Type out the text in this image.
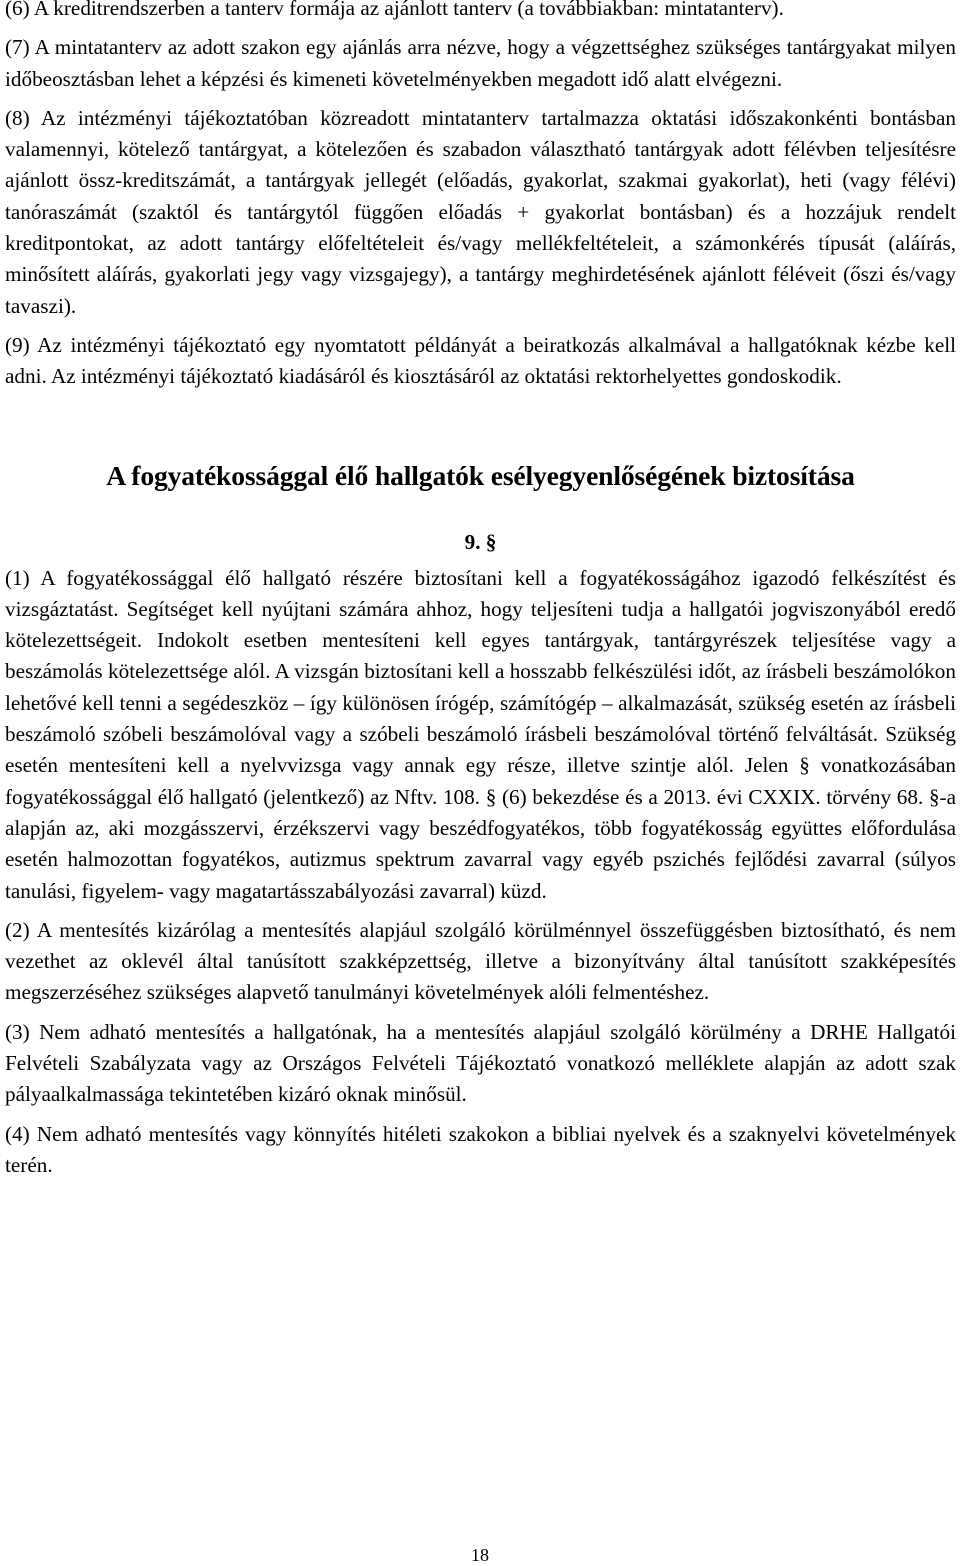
(6) A kreditrendszerben a tanterv formája az ajánlott tanterv (a továbbiakban: mintatanterv).

(7) A mintatanterv az adott szakon egy ajánlás arra nézve, hogy a végzettséghez szükséges tantárgyakat milyen időbeosztásban lehet a képzési és kimeneti követelményekben megadott idő alatt elvégezni.

(8) Az intézményi tájékoztatóban közreadott mintatanterv tartalmazza oktatási időszakonkénti bontásban valamennyi, kötelező tantárgyat, a kötelezően és szabadon választható tantárgyak adott félévben teljesítésre ajánlott össz-kreditszámát, a tantárgyak jellegét (előadás, gyakorlat, szakmai gyakorlat), heti (vagy félévi) tanóraszámát (szaktól és tantárgytól függően előadás + gyakorlat bontásban) és a hozzájuk rendelt kreditpontokat, az adott tantárgy előfeltételeit és/vagy mellékfeltételeit, a számonkérés típusát (aláírás, minősített aláírás, gyakorlati jegy vagy vizsgajegy), a tantárgy meghirdetésének ajánlott féléveit (őszi és/vagy tavaszi).

(9) Az intézményi tájékoztató egy nyomtatott példányát a beiratkozás alkalmával a hallgatóknak kézbe kell adni. Az intézményi tájékoztató kiadásáról és kiosztásáról az oktatási rektorhelyettes gondoskodik.

A fogyatékossággal élő hallgatók esélyegyenlőségének biztosítása
9. §

(1) A fogyatékossággal élő hallgató részére biztosítani kell a fogyatékosságához igazodó felkészítést és vizsgáztatást. Segítséget kell nyújtani számára ahhoz, hogy teljesíteni tudja a hallgatói jogviszonyából eredő kötelezettségeit. Indokolt esetben mentesíteni kell egyes tantárgyak, tantárgyrészek teljesítése vagy a beszámolás kötelezettsége alól. A vizsgán biztosítani kell a hosszabb felkészülési időt, az írásbeli beszámolókon lehetővé kell tenni a segédeszköz – így különösen írógép, számítógép – alkalmazását, szükség esetén az írásbeli beszámoló szóbeli beszámolóval vagy a szóbeli beszámoló írásbeli beszámolóval történő felváltását. Szükség esetén mentesíteni kell a nyelvvizsga vagy annak egy része, illetve szintje alól. Jelen § vonatkozásában fogyatékossággal élő hallgató (jelentkező) az Nftv. 108. § (6) bekezdése és a 2013. évi CXXIX. törvény 68. §-a alapján az, aki mozgásszervi, érzékszervi vagy beszédfogyatékos, több fogyatékosság együttes előfordulása esetén halmozottan fogyatékos, autizmus spektrum zavarral vagy egyéb pszichés fejlődési zavarral (súlyos tanulási, figyelem- vagy magatartásszabályozási zavarral) küzd.

(2) A mentesítés kizárólag a mentesítés alapjául szolgáló körülménnyel összefüggésben biztosítható, és nem vezethet az oklevél által tanúsított szakképzettség, illetve a bizonyítvány által tanúsított szakképesítés megszerzéséhez szükséges alapvető tanulmányi követelmények alóli felmentéshez.

(3) Nem adható mentesítés a hallgatónak, ha a mentesítés alapjául szolgáló körülmény a DRHE Hallgatói Felvételi Szabályzata vagy az Országos Felvételi Tájékoztató vonatkozó melléklete alapján az adott szak pályaalkalmassága tekintetében kizáró oknak minősül.

(4) Nem adható mentesítés vagy könnyítés hitéleti szakokon a bibliai nyelvek és a szaknyelvi követelmények terén.

18
